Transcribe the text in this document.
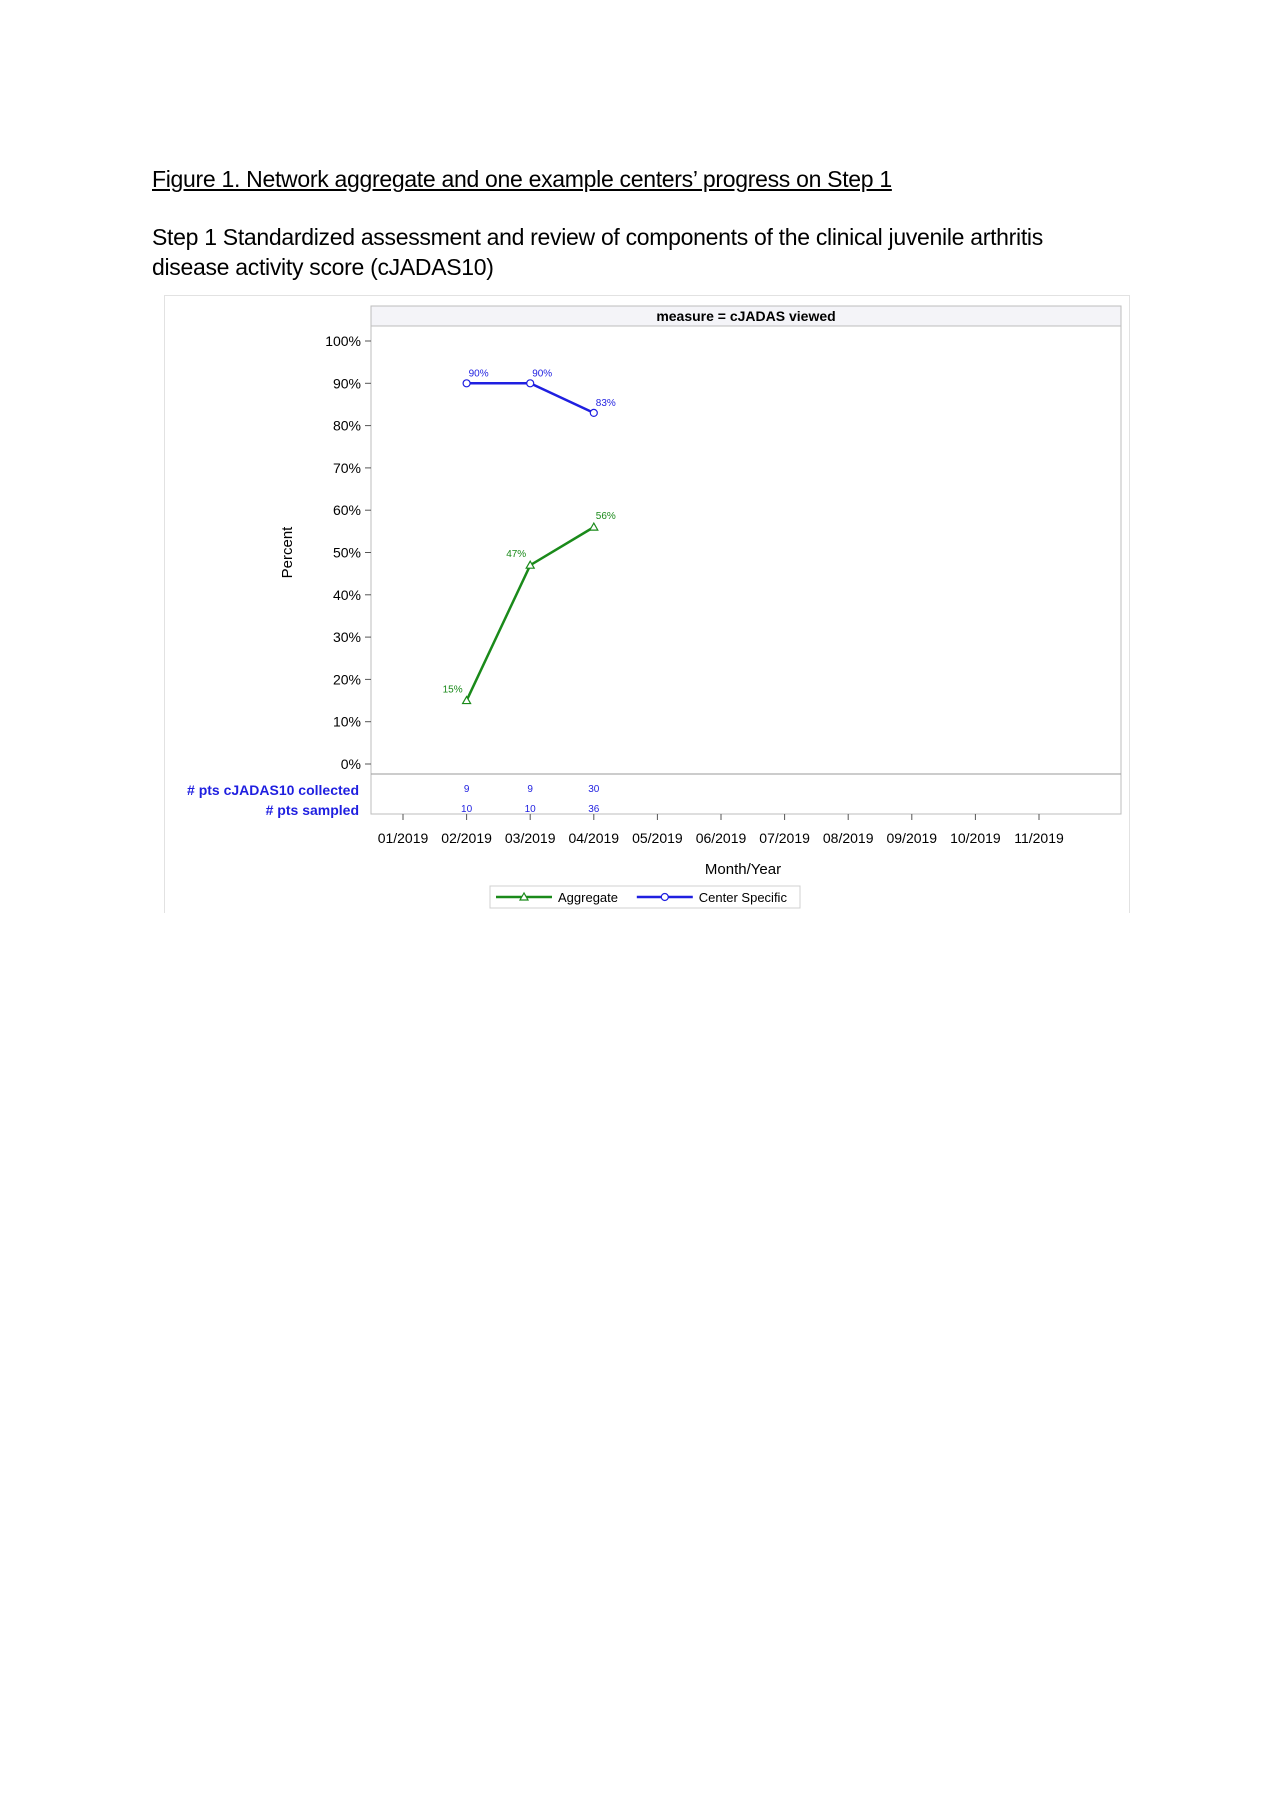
Figure 1. Network aggregate and one example centers’ progress on Step 1
Step 1 Standardized assessment and review of components of the clinical juvenile arthritis disease activity score (cJADAS10)
measure = cJADAS viewed
0%
10%
20%
30%
40%
50%
60%
70%
80%
90%
100%
Percent
01/2019 02/2019 03/2019 04/2019 05/2019 06/2019 07/2019 08/2019 09/2019 10/2019 11/2019
Month/Year
15%
47%
56%
90%	90%
83%
# pts cJADAS10 collected	9	9	30
# pts sampled	10	10	36
Aggregate	Center Specific
